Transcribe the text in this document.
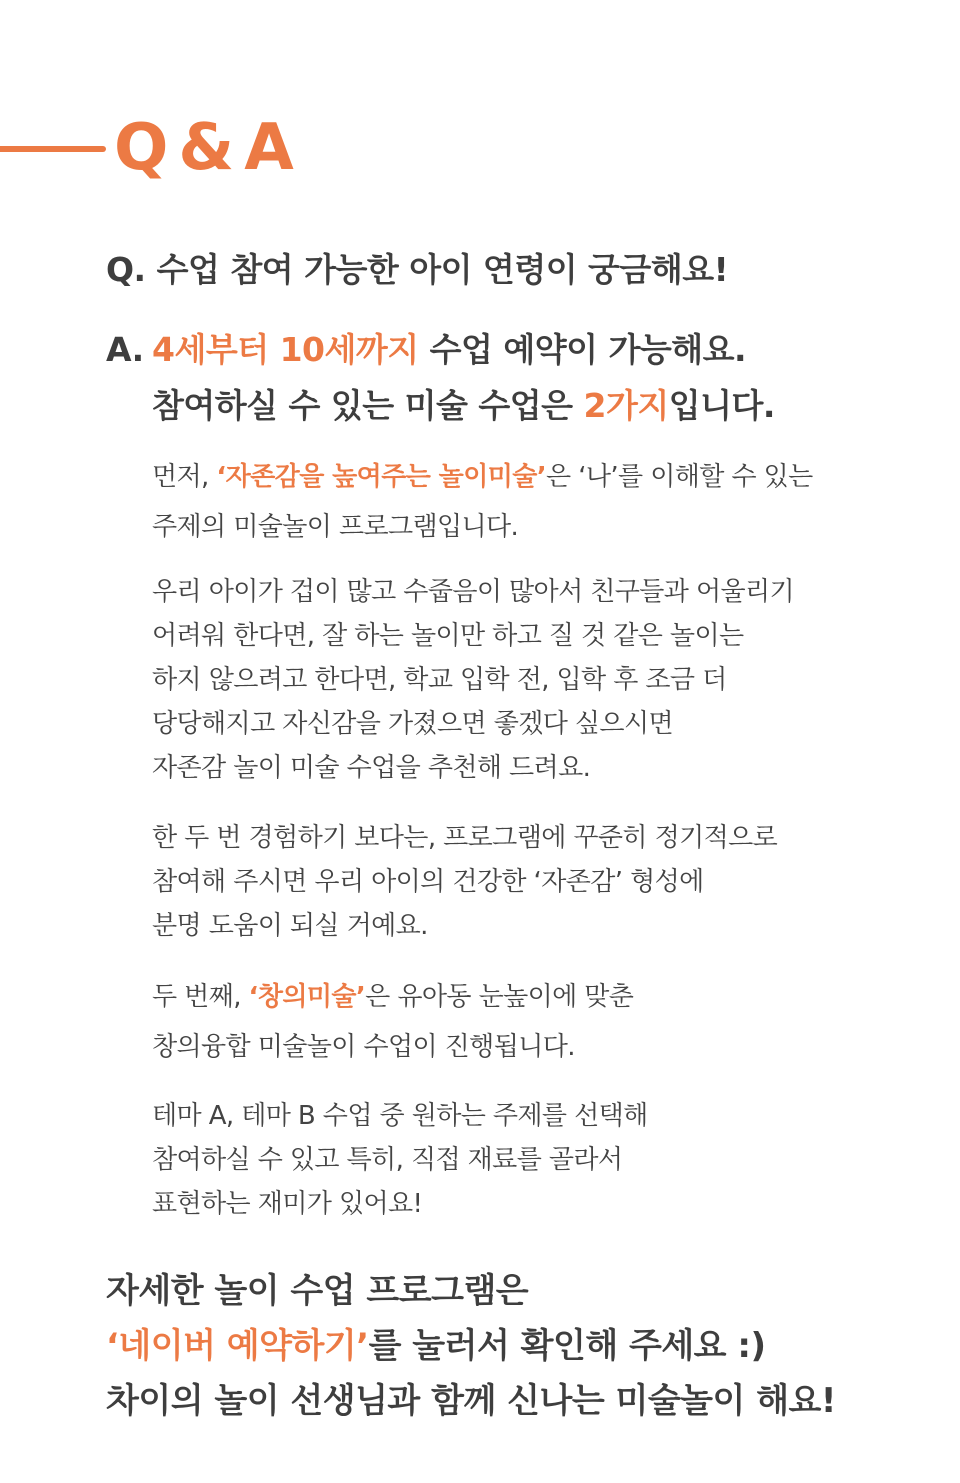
Q&A
Q. 수업 참여 가능한 아이 연령이 궁금해요!
A. 4세부터 10세까지 수업 예약이 가능해요.
참여하실 수 있는 미술 수업은 2가지입니다.
먼저, ‘자존감을 높여주는 놀이미술’은 ‘나’를 이해할 수 있는
주제의 미술놀이 프로그램입니다.
우리 아이가 겁이 많고 수줍음이 많아서 친구들과 어울리기
어려워 한다면, 잘 하는 놀이만 하고 질 것 같은 놀이는
하지 않으려고 한다면, 학교 입학 전, 입학 후 조금 더
당당해지고 자신감을 가졌으면 좋겠다 싶으시면
자존감 놀이 미술 수업을 추천해 드려요.
한 두 번 경험하기 보다는, 프로그램에 꾸준히 정기적으로
참여해 주시면 우리 아이의 건강한 ‘자존감’ 형성에
분명 도움이 되실 거예요.
두 번째, ‘창의미술’은 유아동 눈높이에 맞춘
창의융합 미술놀이 수업이 진행됩니다.
테마 A, 테마 B 수업 중 원하는 주제를 선택해
참여하실 수 있고 특히, 직접 재료를 골라서
표현하는 재미가 있어요!
자세한 놀이 수업 프로그램은
‘네이버 예약하기’를 눌러서 확인해 주세요 :)
차이의 놀이 선생님과 함께 신나는 미술놀이 해요!
